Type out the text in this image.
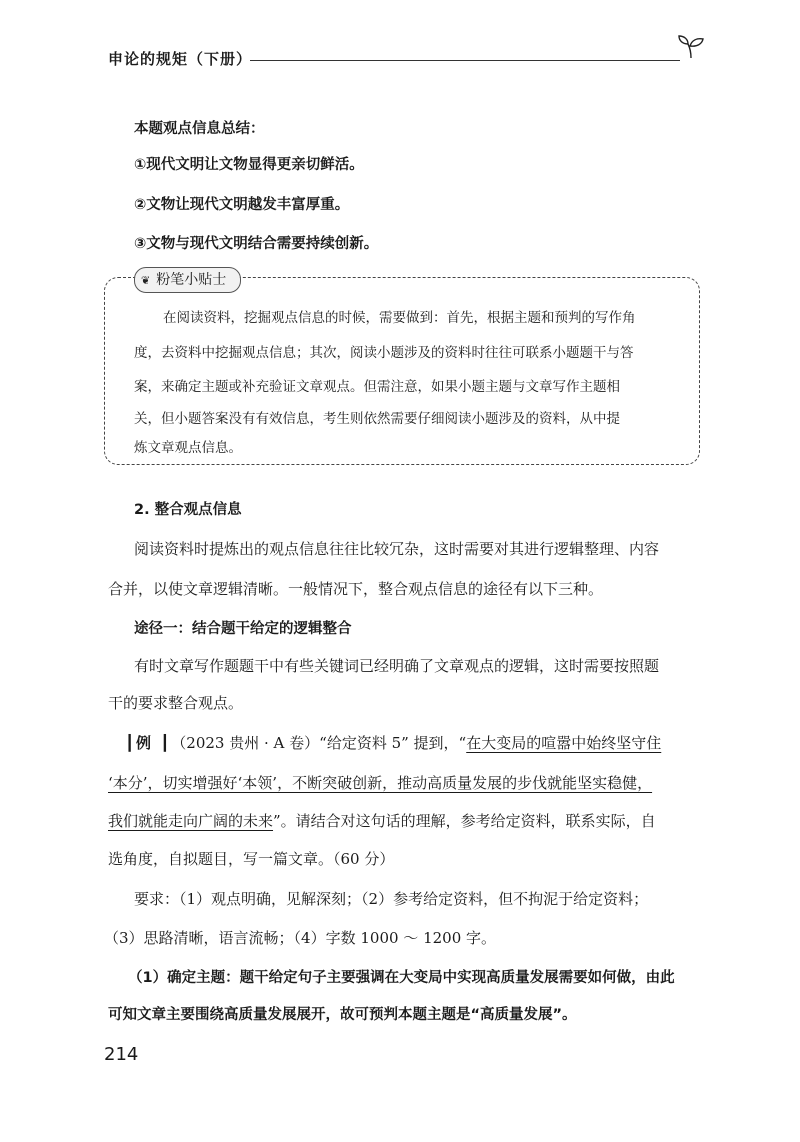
申论的规矩（下册）
本题观点信息总结：
①现代文明让文物显得更亲切鲜活。
②文物让现代文明越发丰富厚重。
③文物与现代文明结合需要持续创新。
❦ 粉笔小贴士
在阅读资料，挖掘观点信息的时候，需要做到：首先，根据主题和预判的写作角
度，去资料中挖掘观点信息；其次，阅读小题涉及的资料时往往可联系小题题干与答
案，来确定主题或补充验证文章观点。但需注意，如果小题主题与文章写作主题相
关，但小题答案没有有效信息，考生则依然需要仔细阅读小题涉及的资料，从中提
炼文章观点信息。
2. 整合观点信息
阅读资料时提炼出的观点信息往往比较冗杂，这时需要对其进行逻辑整理、内容
合并，以使文章逻辑清晰。一般情况下，整合观点信息的途径有以下三种。
途径一：结合题干给定的逻辑整合
有时文章写作题题干中有些关键词已经明确了文章观点的逻辑，这时需要按照题
干的要求整合观点。
┃例 ┃（2023 贵州 · A 卷）“给定资料 5” 提到，“在大变局的喧嚣中始终坚守住
‘本分’，切实增强好‘本领’，不断突破创新，推动高质量发展的步伐就能坚实稳健，
我们就能走向广阔的未来”。请结合对这句话的理解，参考给定资料，联系实际，自
选角度，自拟题目，写一篇文章。（60 分）
要求：（1）观点明确，见解深刻；（2）参考给定资料，但不拘泥于给定资料；
（3）思路清晰，语言流畅；（4）字数 1000 ～ 1200 字。
（1）确定主题：题干给定句子主要强调在大变局中实现高质量发展需要如何做，由此
可知文章主要围绕高质量发展展开，故可预判本题主题是“高质量发展”。
214
